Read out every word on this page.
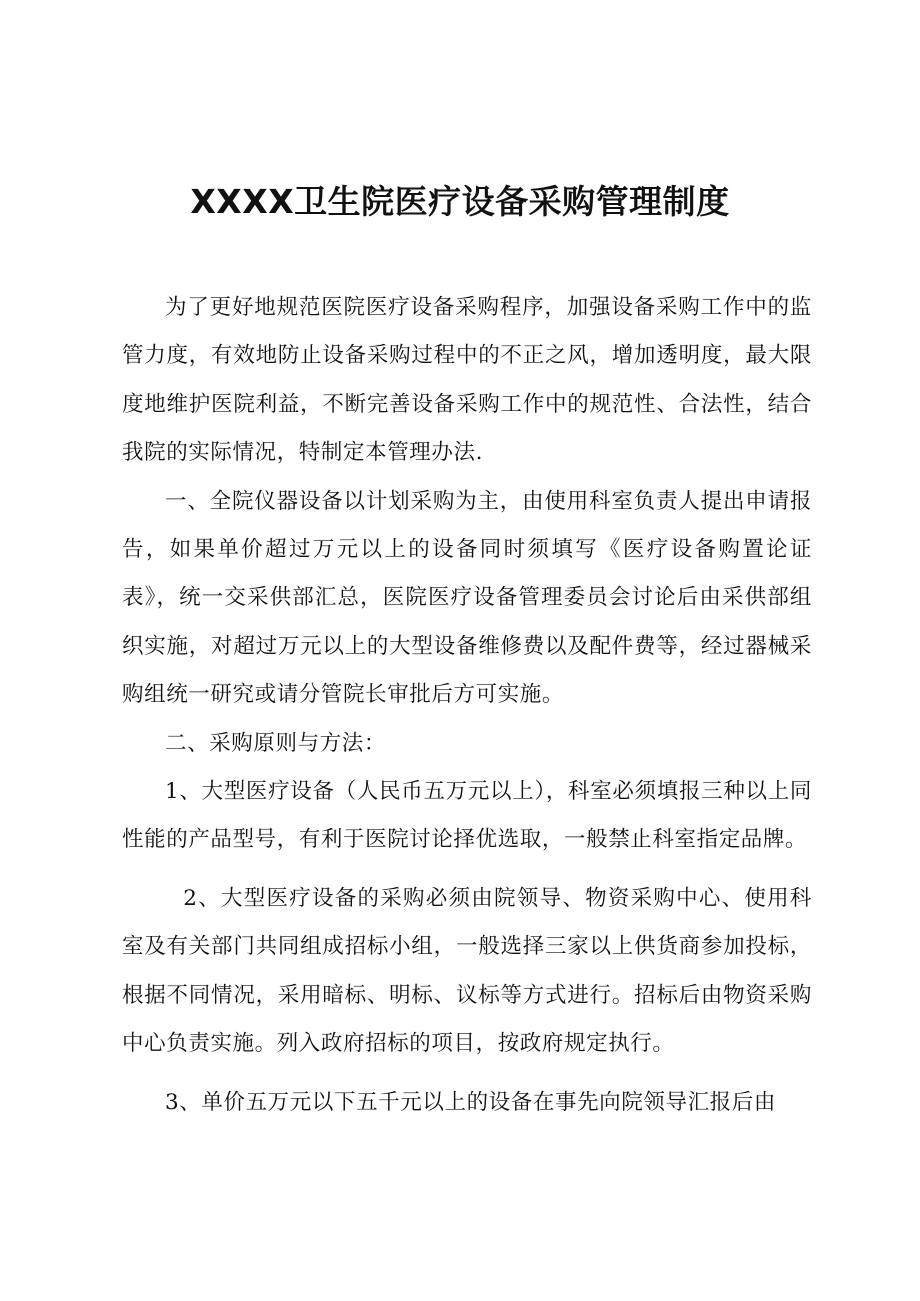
XXXX卫生院医疗设备采购管理制度

为了更好地规范医院医疗设备采购程序，加强设备采购工作中的监管力度，有效地防止设备采购过程中的不正之风，增加透明度，最大限度地维护医院利益，不断完善设备采购工作中的规范性、合法性，结合我院的实际情况，特制定本管理办法.

一、全院仪器设备以计划采购为主，由使用科室负责人提出申请报告，如果单价超过万元以上的设备同时须填写《医疗设备购置论证表》，统一交采供部汇总，医院医疗设备管理委员会讨论后由采供部组织实施，对超过万元以上的大型设备维修费以及配件费等，经过器械采购组统一研究或请分管院长审批后方可实施。

二、采购原则与方法：

1、大型医疗设备（人民币五万元以上），科室必须填报三种以上同性能的产品型号，有利于医院讨论择优选取，一般禁止科室指定品牌。

2、大型医疗设备的采购必须由院领导、物资采购中心、使用科室及有关部门共同组成招标小组，一般选择三家以上供货商参加投标，根据不同情况，采用暗标、明标、议标等方式进行。招标后由物资采购中心负责实施。列入政府招标的项目，按政府规定执行。

3、单价五万元以下五千元以上的设备在事先向院领导汇报后由
